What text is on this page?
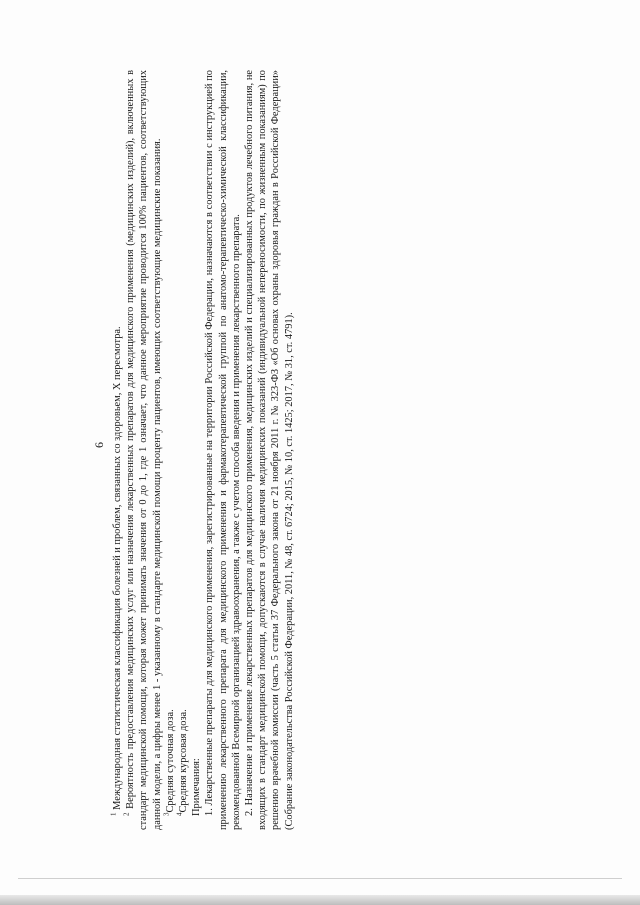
6

$^1$ Международная статистическая классификация болезней и проблем, связанных со здоровьем, X пересмотра.

$^2$ Вероятность предоставления медицинских услуг или назначения лекарственных препаратов для медицинского применения (медицинских изделий), включенных в стандарт медицинской помощи, которая может принимать значения от 0 до 1, где 1 означает, что данное мероприятие проводится 100% пациентов, соответствующих данной модели, а цифры менее 1 - указанному в стандарте медицинской помощи проценту пациентов, имеющих соответствующие медицинские показания. $^3$Средняя суточная доза.

$^4$Средняя курсовая доза. Примечания: 1. Лекарственные препараты для медицинского применения, зарегистрированные на территории Российской Федерации, назначаются в соответствии с инструкцией по применению лекарственного препарата для медицинского применения и фармакотерапевтической группой по анатомо-терапевтическо-химической классификации, рекомендованной Всемирной организацией здравоохранения, а также с учетом способа введения и применения лекарственного препарата. 2. Назначение и применение лекарственных препаратов для медицинского применения, медицинских изделий и специализированных продуктов лечебного питания, не входящих в стандарт медицинской помощи, допускаются в случае наличия медицинских показаний (индивидуальной непереносимости, по жизненным показаниям) по решению врачебной комиссии (часть 5 статьи 37 Федерального закона от 21 ноября 2011 г. № 323-ФЗ «Об основах охраны здоровья граждан в Российской Федерации» (Собрание законодательства Российской Федерации, 2011, № 48, ст. 6724; 2015, № 10, ст. 1425; 2017, № 31, ст. 4791).
